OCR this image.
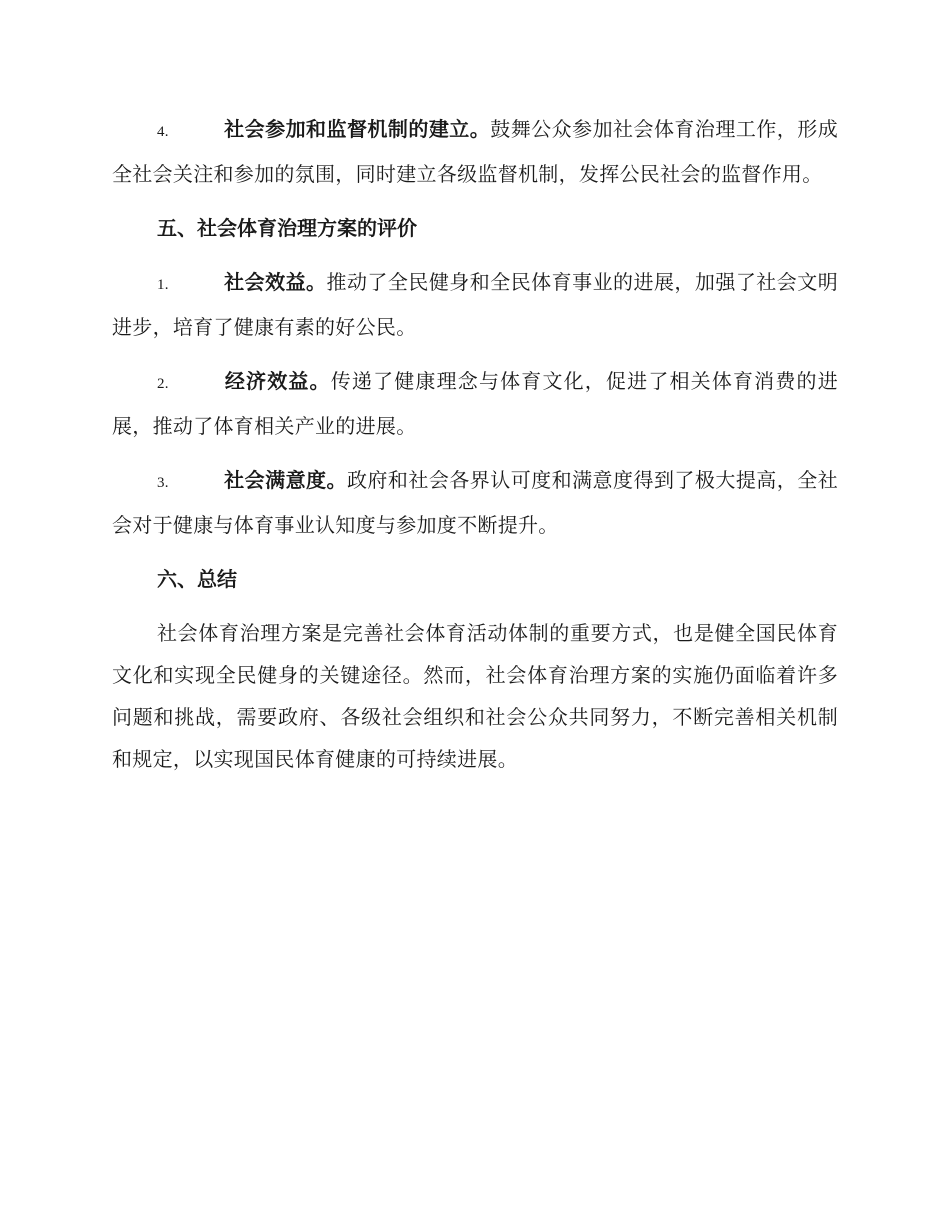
4.	社会参加和监督机制的建立。鼓舞公众参加社会体育治理工作，形成全社会关注和参加的氛围，同时建立各级监督机制，发挥公民社会的监督作用。

五、社会体育治理方案的评价

1.	社会效益。推动了全民健身和全民体育事业的进展，加强了社会文明进步，培育了健康有素的好公民。

2.	经济效益。传递了健康理念与体育文化，促进了相关体育消费的进展，推动了体育相关产业的进展。

3.	社会满意度。政府和社会各界认可度和满意度得到了极大提高，全社会对于健康与体育事业认知度与参加度不断提升。

六、总结

社会体育治理方案是完善社会体育活动体制的重要方式，也是健全国民体育文化和实现全民健身的关键途径。然而，社会体育治理方案的实施仍面临着许多问题和挑战，需要政府、各级社会组织和社会公众共同努力，不断完善相关机制和规定，以实现国民体育健康的可持续进展。
